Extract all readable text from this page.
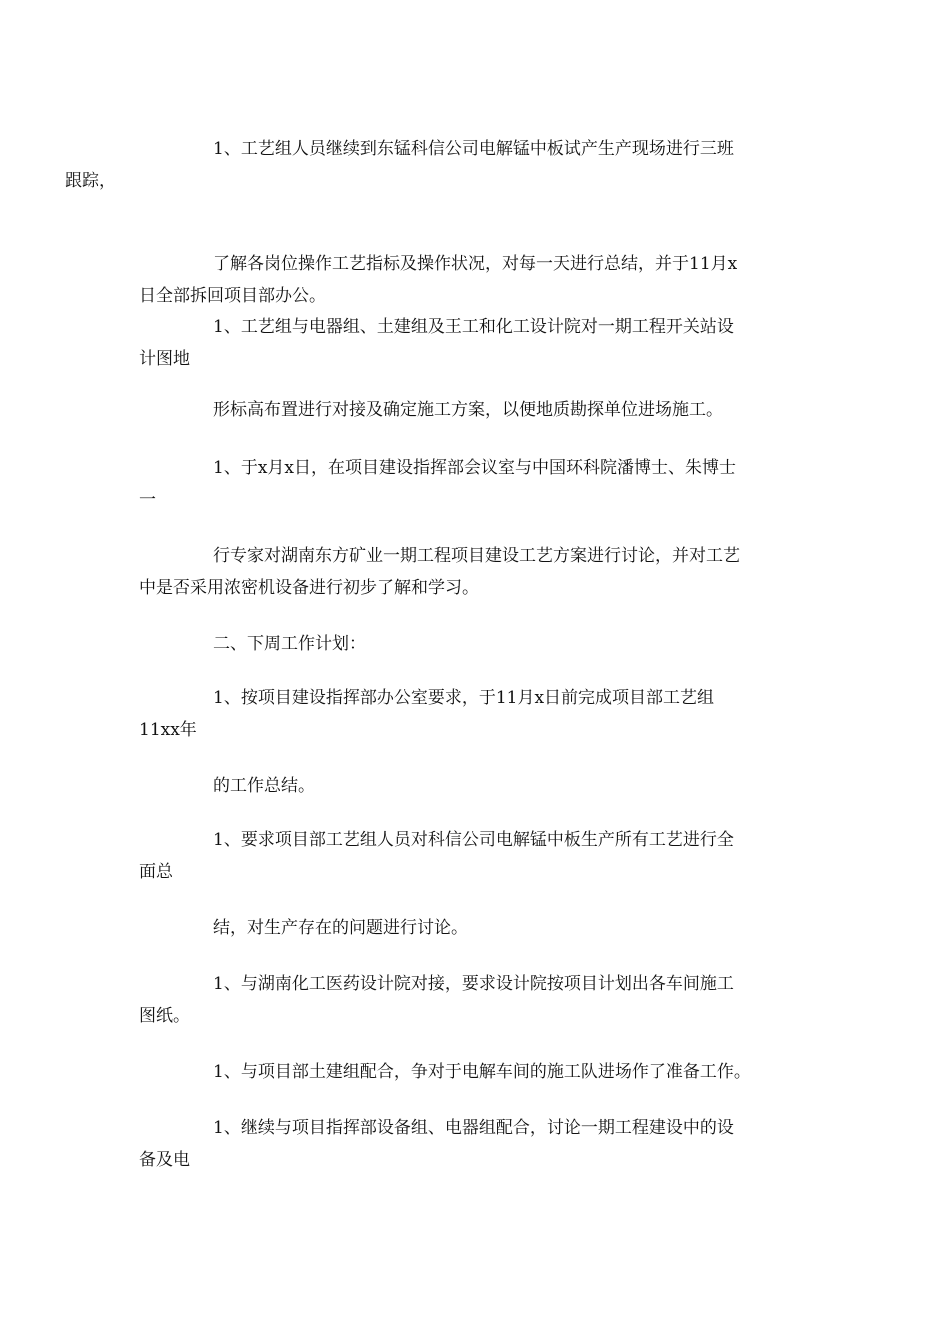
1、工艺组人员继续到东锰科信公司电解锰中板试产生产现场进行三班
跟踪，

了解各岗位操作工艺指标及操作状况，对每一天进行总结，并于11月x
日全部拆回项目部办公。

1、工艺组与电器组、土建组及王工和化工设计院对一期工程开关站设
计图地

形标高布置进行对接及确定施工方案，以便地质勘探单位进场施工。

1、于x月x日，在项目建设指挥部会议室与中国环科院潘博士、朱博士
一

行专家对湖南东方矿业一期工程项目建设工艺方案进行讨论，并对工艺
中是否采用浓密机设备进行初步了解和学习。

二、下周工作计划：

1、按项目建设指挥部办公室要求，于11月x日前完成项目部工艺组
11xx年

的工作总结。

1、要求项目部工艺组人员对科信公司电解锰中板生产所有工艺进行全
面总

结，对生产存在的问题进行讨论。

1、与湖南化工医药设计院对接，要求设计院按项目计划出各车间施工
图纸。

1、与项目部土建组配合，争对于电解车间的施工队进场作了准备工作。

1、继续与项目指挥部设备组、电器组配合，讨论一期工程建设中的设
备及电
